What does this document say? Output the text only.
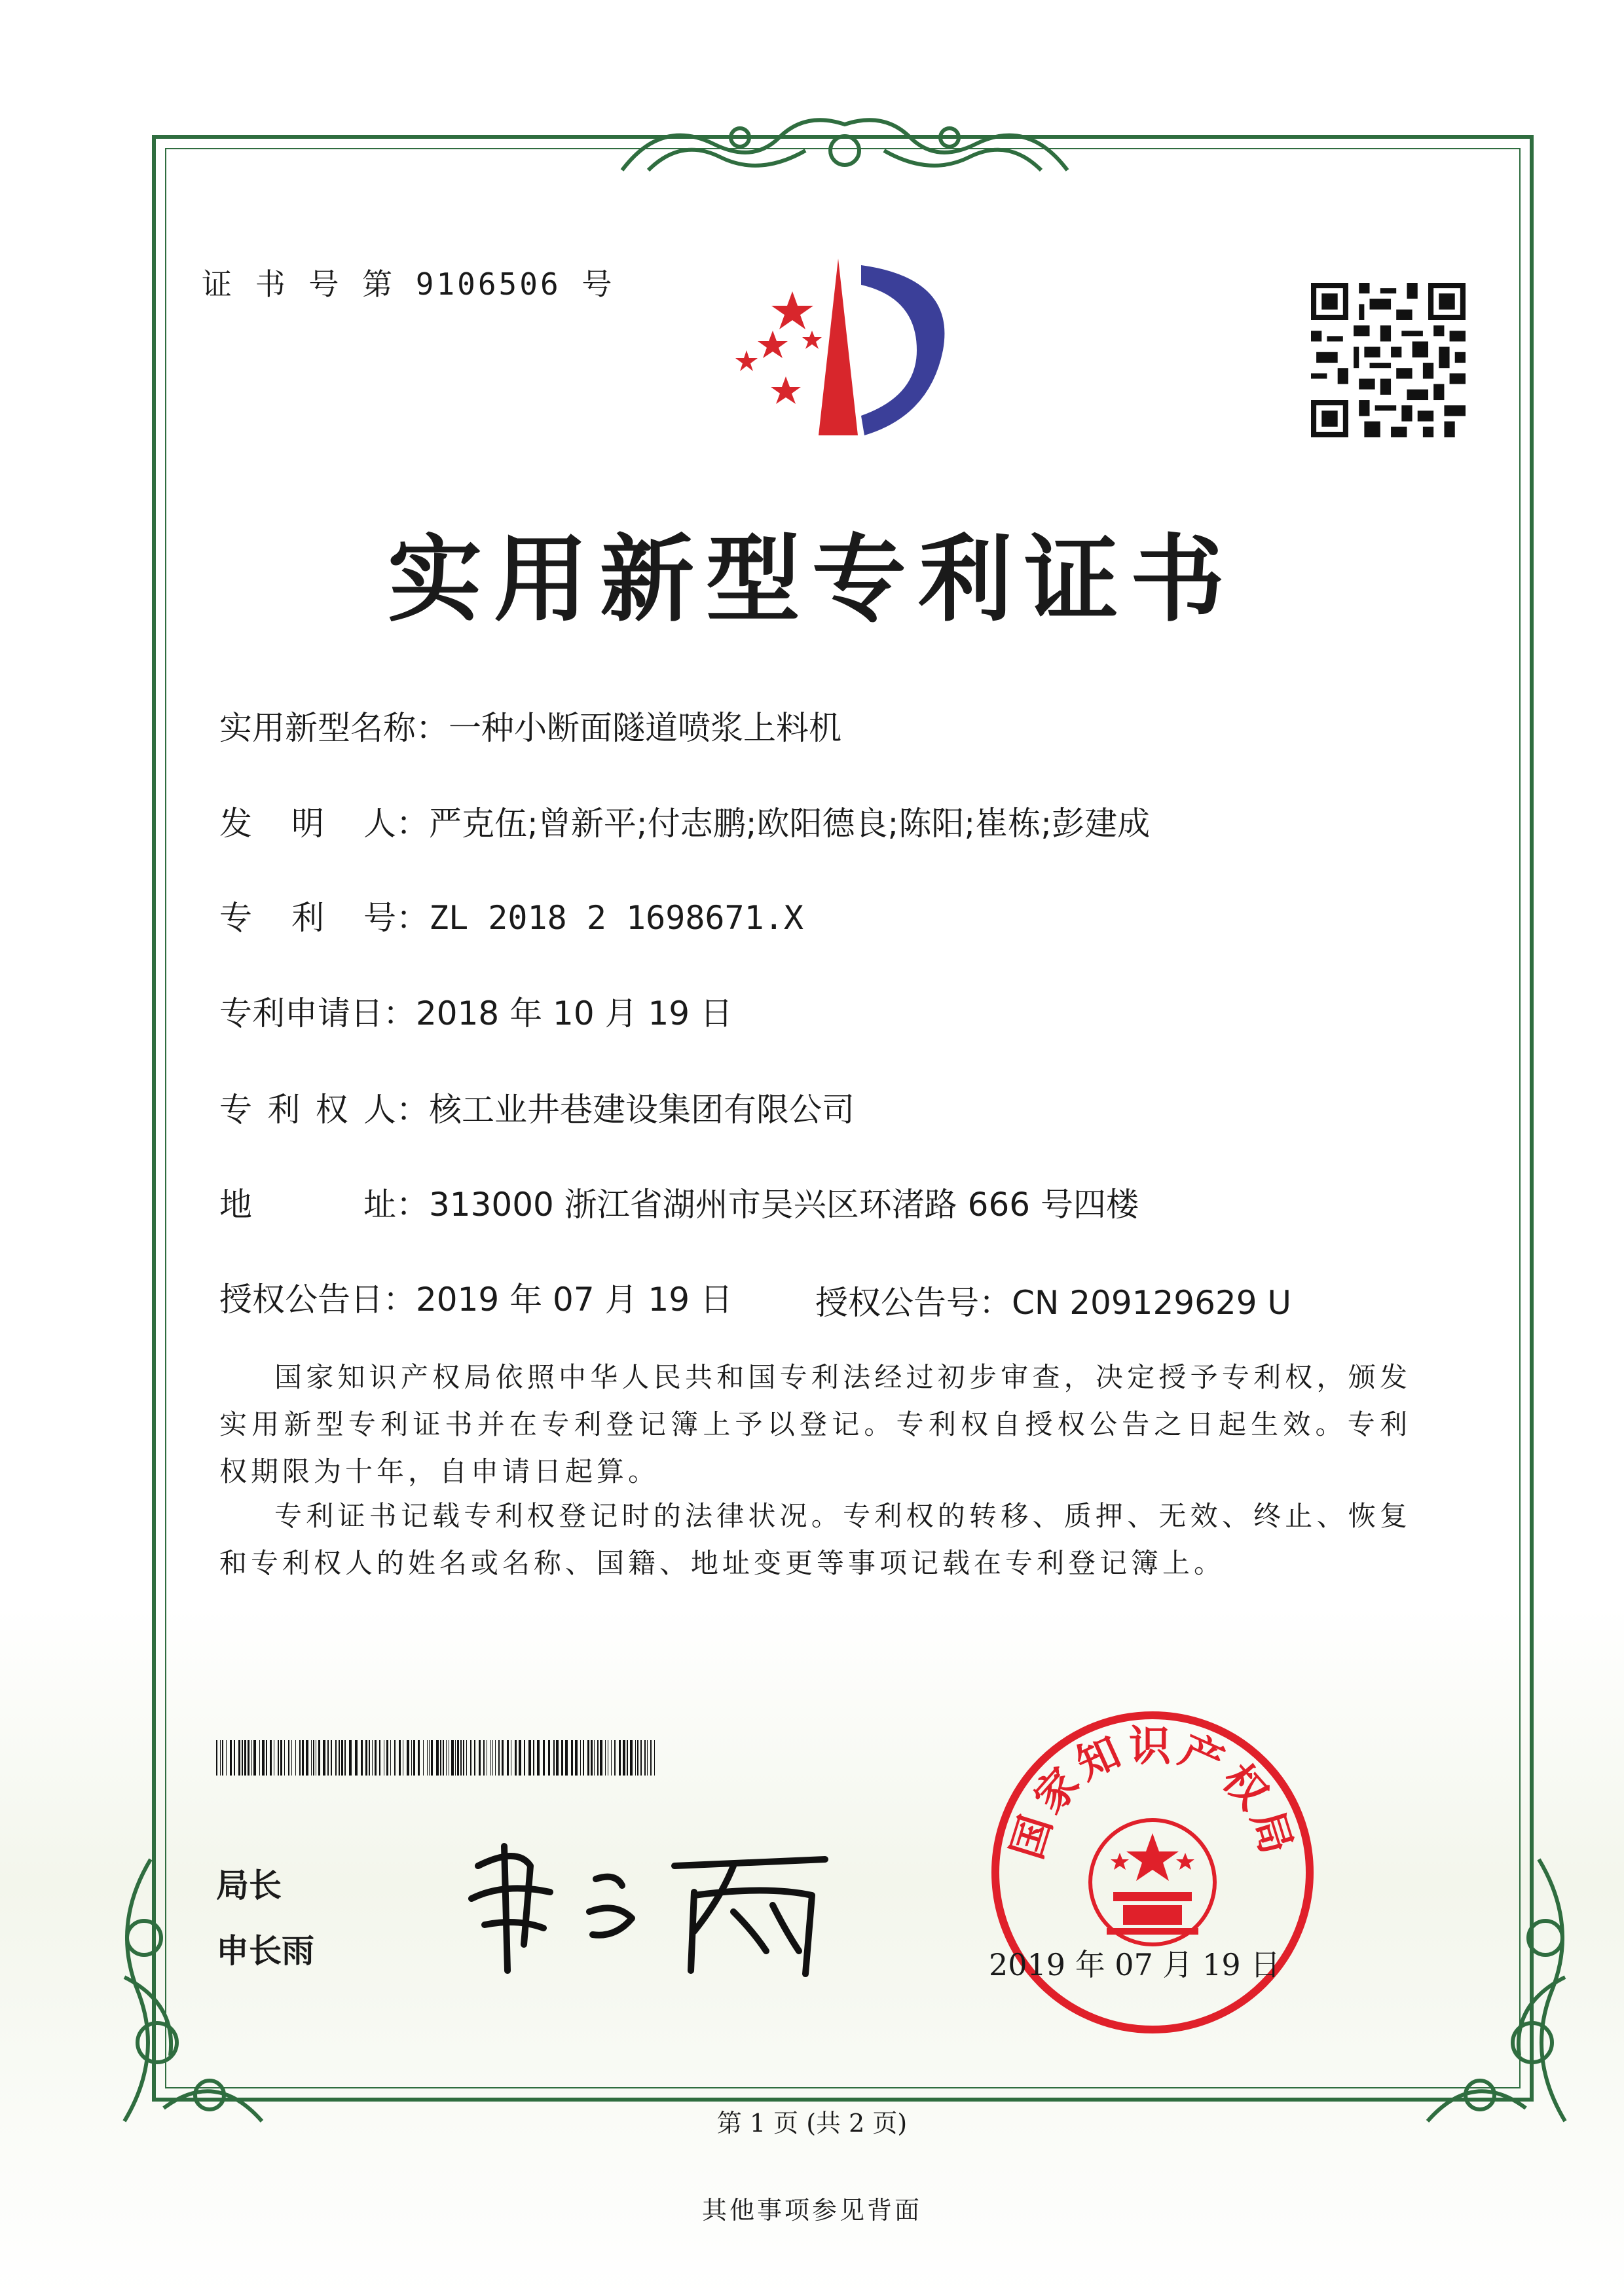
证 书 号 第 9106506 号
实用新型专利证书
实用新型名称：一种小断面隧道喷浆上料机
发 明 人 ：严克伍;曾新平;付志鹏;欧阳德良;陈阳;崔栋;彭建成
专 利 号 ：ZL 2018 2 1698671.X
专利申请日：2018 年 10 月 19 日
专 利 权 人 ：核工业井巷建设集团有限公司
地	址 ：313000 浙江省湖州市吴兴区环渚路 666 号四楼
授权公告日：2019 年 07 月 19 日	授权公告号：CN 209129629 U
国家知识产权局依照中华人民共和国专利法经过初步审查，决定授予专利权，颁发实用新型专利证书并在专利登记簿上予以登记。专利权自授权公告之日起生效。专利权期限为十年，自申请日起算。
专利证书记载专利权登记时的法律状况。专利权的转移、质押、无效、终止、恢复和专利权人的姓名或名称、国籍、地址变更等事项记载在专利登记簿上。
局长
申长雨
国家知识产权局
2019 年 07 月 19 日
第 1 页 (共 2 页)
其他事项参见背面
